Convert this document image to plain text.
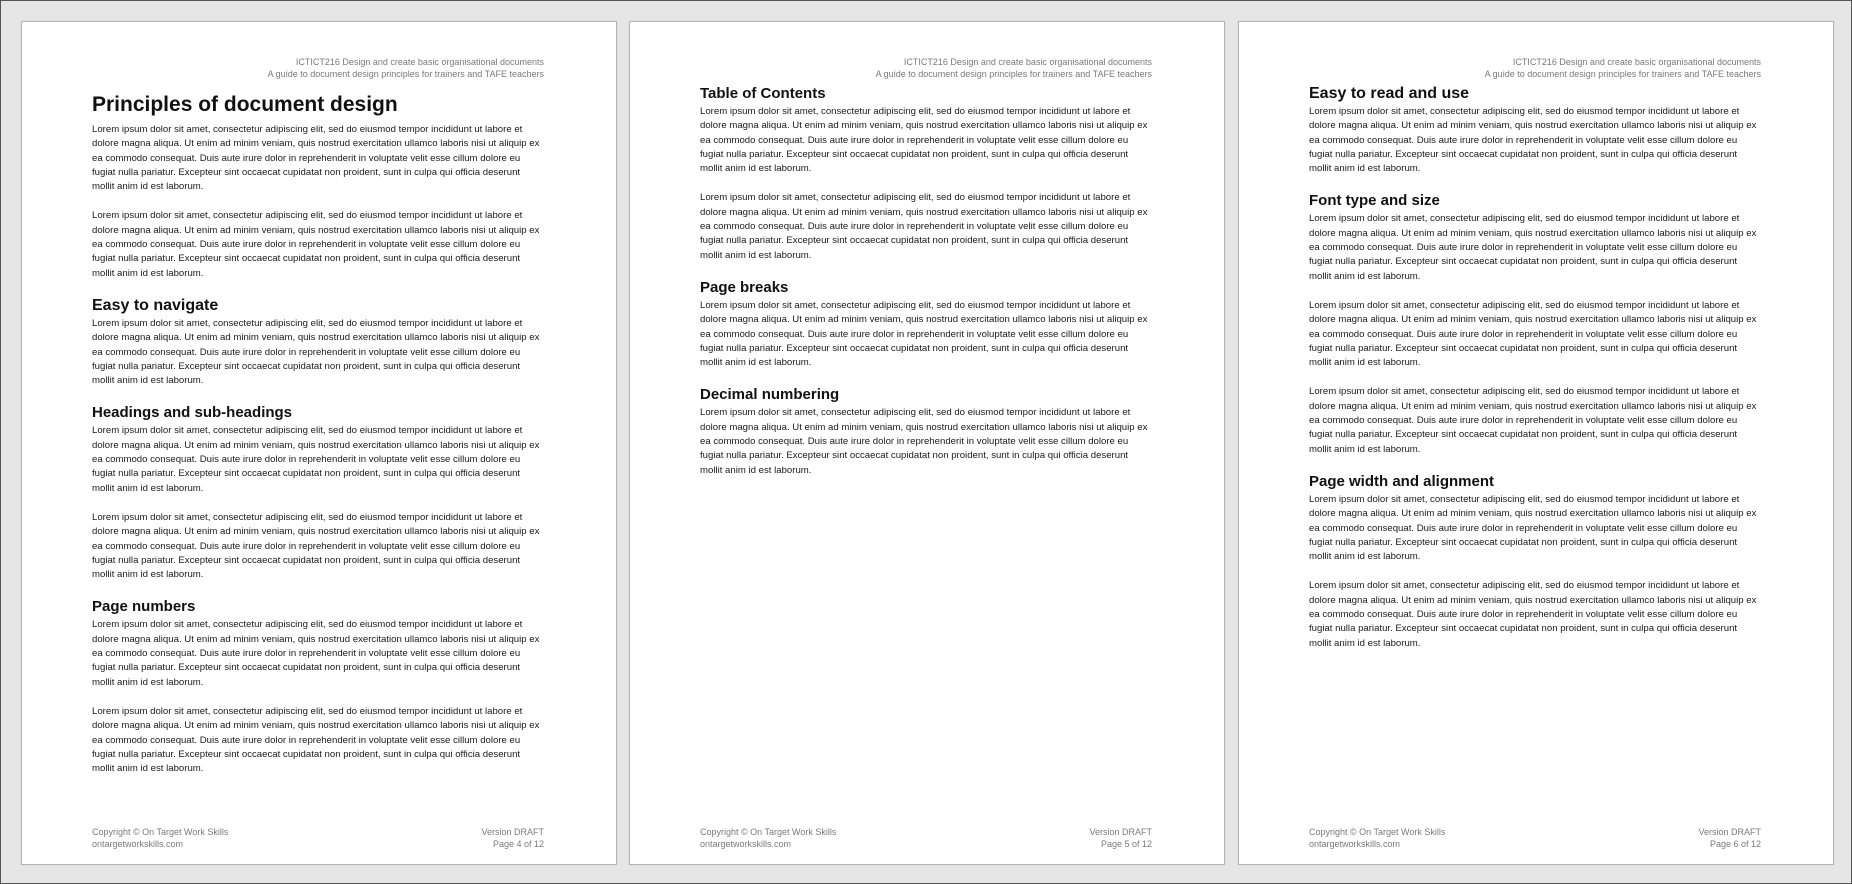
ICTICT216 Design and create basic organisational documents
A guide to document design principles for trainers and TAFE teachers
Principles of document design
Lorem ipsum dolor sit amet, consectetur adipiscing elit, sed do eiusmod tempor incididunt ut labore et dolore magna aliqua. Ut enim ad minim veniam, quis nostrud exercitation ullamco laboris nisi ut aliquip ex ea commodo consequat. Duis aute irure dolor in reprehenderit in voluptate velit esse cillum dolore eu fugiat nulla pariatur. Excepteur sint occaecat cupidatat non proident, sunt in culpa qui officia deserunt mollit anim id est laborum.
Lorem ipsum dolor sit amet, consectetur adipiscing elit, sed do eiusmod tempor incididunt ut labore et dolore magna aliqua. Ut enim ad minim veniam, quis nostrud exercitation ullamco laboris nisi ut aliquip ex ea commodo consequat. Duis aute irure dolor in reprehenderit in voluptate velit esse cillum dolore eu fugiat nulla pariatur. Excepteur sint occaecat cupidatat non proident, sunt in culpa qui officia deserunt mollit anim id est laborum.
Easy to navigate
Lorem ipsum dolor sit amet, consectetur adipiscing elit, sed do eiusmod tempor incididunt ut labore et dolore magna aliqua. Ut enim ad minim veniam, quis nostrud exercitation ullamco laboris nisi ut aliquip ex ea commodo consequat. Duis aute irure dolor in reprehenderit in voluptate velit esse cillum dolore eu fugiat nulla pariatur. Excepteur sint occaecat cupidatat non proident, sunt in culpa qui officia deserunt mollit anim id est laborum.
Headings and sub-headings
Lorem ipsum dolor sit amet, consectetur adipiscing elit, sed do eiusmod tempor incididunt ut labore et dolore magna aliqua. Ut enim ad minim veniam, quis nostrud exercitation ullamco laboris nisi ut aliquip ex ea commodo consequat. Duis aute irure dolor in reprehenderit in voluptate velit esse cillum dolore eu fugiat nulla pariatur. Excepteur sint occaecat cupidatat non proident, sunt in culpa qui officia deserunt mollit anim id est laborum.
Lorem ipsum dolor sit amet, consectetur adipiscing elit, sed do eiusmod tempor incididunt ut labore et dolore magna aliqua. Ut enim ad minim veniam, quis nostrud exercitation ullamco laboris nisi ut aliquip ex ea commodo consequat. Duis aute irure dolor in reprehenderit in voluptate velit esse cillum dolore eu fugiat nulla pariatur. Excepteur sint occaecat cupidatat non proident, sunt in culpa qui officia deserunt mollit anim id est laborum.
Page numbers
Lorem ipsum dolor sit amet, consectetur adipiscing elit, sed do eiusmod tempor incididunt ut labore et dolore magna aliqua. Ut enim ad minim veniam, quis nostrud exercitation ullamco laboris nisi ut aliquip ex ea commodo consequat. Duis aute irure dolor in reprehenderit in voluptate velit esse cillum dolore eu fugiat nulla pariatur. Excepteur sint occaecat cupidatat non proident, sunt in culpa qui officia deserunt mollit anim id est laborum.
Lorem ipsum dolor sit amet, consectetur adipiscing elit, sed do eiusmod tempor incididunt ut labore et dolore magna aliqua. Ut enim ad minim veniam, quis nostrud exercitation ullamco laboris nisi ut aliquip ex ea commodo consequat. Duis aute irure dolor in reprehenderit in voluptate velit esse cillum dolore eu fugiat nulla pariatur. Excepteur sint occaecat cupidatat non proident, sunt in culpa qui officia deserunt mollit anim id est laborum.
Copyright © On Target Work Skills
ontargetworkskills.com
Version DRAFT
Page 4 of 12
ICTICT216 Design and create basic organisational documents
A guide to document design principles for trainers and TAFE teachers
Table of Contents
Lorem ipsum dolor sit amet, consectetur adipiscing elit, sed do eiusmod tempor incididunt ut labore et dolore magna aliqua. Ut enim ad minim veniam, quis nostrud exercitation ullamco laboris nisi ut aliquip ex ea commodo consequat. Duis aute irure dolor in reprehenderit in voluptate velit esse cillum dolore eu fugiat nulla pariatur. Excepteur sint occaecat cupidatat non proident, sunt in culpa qui officia deserunt mollit anim id est laborum.
Lorem ipsum dolor sit amet, consectetur adipiscing elit, sed do eiusmod tempor incididunt ut labore et dolore magna aliqua. Ut enim ad minim veniam, quis nostrud exercitation ullamco laboris nisi ut aliquip ex ea commodo consequat. Duis aute irure dolor in reprehenderit in voluptate velit esse cillum dolore eu fugiat nulla pariatur. Excepteur sint occaecat cupidatat non proident, sunt in culpa qui officia deserunt mollit anim id est laborum.
Page breaks
Lorem ipsum dolor sit amet, consectetur adipiscing elit, sed do eiusmod tempor incididunt ut labore et dolore magna aliqua. Ut enim ad minim veniam, quis nostrud exercitation ullamco laboris nisi ut aliquip ex ea commodo consequat. Duis aute irure dolor in reprehenderit in voluptate velit esse cillum dolore eu fugiat nulla pariatur. Excepteur sint occaecat cupidatat non proident, sunt in culpa qui officia deserunt mollit anim id est laborum.
Decimal numbering
Lorem ipsum dolor sit amet, consectetur adipiscing elit, sed do eiusmod tempor incididunt ut labore et dolore magna aliqua. Ut enim ad minim veniam, quis nostrud exercitation ullamco laboris nisi ut aliquip ex ea commodo consequat. Duis aute irure dolor in reprehenderit in voluptate velit esse cillum dolore eu fugiat nulla pariatur. Excepteur sint occaecat cupidatat non proident, sunt in culpa qui officia deserunt mollit anim id est laborum.
Copyright © On Target Work Skills
ontargetworkskills.com
Version DRAFT
Page 5 of 12
ICTICT216 Design and create basic organisational documents
A guide to document design principles for trainers and TAFE teachers
Easy to read and use
Lorem ipsum dolor sit amet, consectetur adipiscing elit, sed do eiusmod tempor incididunt ut labore et dolore magna aliqua. Ut enim ad minim veniam, quis nostrud exercitation ullamco laboris nisi ut aliquip ex ea commodo consequat. Duis aute irure dolor in reprehenderit in voluptate velit esse cillum dolore eu fugiat nulla pariatur. Excepteur sint occaecat cupidatat non proident, sunt in culpa qui officia deserunt mollit anim id est laborum.
Font type and size
Lorem ipsum dolor sit amet, consectetur adipiscing elit, sed do eiusmod tempor incididunt ut labore et dolore magna aliqua. Ut enim ad minim veniam, quis nostrud exercitation ullamco laboris nisi ut aliquip ex ea commodo consequat. Duis aute irure dolor in reprehenderit in voluptate velit esse cillum dolore eu fugiat nulla pariatur. Excepteur sint occaecat cupidatat non proident, sunt in culpa qui officia deserunt mollit anim id est laborum.
Lorem ipsum dolor sit amet, consectetur adipiscing elit, sed do eiusmod tempor incididunt ut labore et dolore magna aliqua. Ut enim ad minim veniam, quis nostrud exercitation ullamco laboris nisi ut aliquip ex ea commodo consequat. Duis aute irure dolor in reprehenderit in voluptate velit esse cillum dolore eu fugiat nulla pariatur. Excepteur sint occaecat cupidatat non proident, sunt in culpa qui officia deserunt mollit anim id est laborum.
Lorem ipsum dolor sit amet, consectetur adipiscing elit, sed do eiusmod tempor incididunt ut labore et dolore magna aliqua. Ut enim ad minim veniam, quis nostrud exercitation ullamco laboris nisi ut aliquip ex ea commodo consequat. Duis aute irure dolor in reprehenderit in voluptate velit esse cillum dolore eu fugiat nulla pariatur. Excepteur sint occaecat cupidatat non proident, sunt in culpa qui officia deserunt mollit anim id est laborum.
Page width and alignment
Lorem ipsum dolor sit amet, consectetur adipiscing elit, sed do eiusmod tempor incididunt ut labore et dolore magna aliqua. Ut enim ad minim veniam, quis nostrud exercitation ullamco laboris nisi ut aliquip ex ea commodo consequat. Duis aute irure dolor in reprehenderit in voluptate velit esse cillum dolore eu fugiat nulla pariatur. Excepteur sint occaecat cupidatat non proident, sunt in culpa qui officia deserunt mollit anim id est laborum.
Lorem ipsum dolor sit amet, consectetur adipiscing elit, sed do eiusmod tempor incididunt ut labore et dolore magna aliqua. Ut enim ad minim veniam, quis nostrud exercitation ullamco laboris nisi ut aliquip ex ea commodo consequat. Duis aute irure dolor in reprehenderit in voluptate velit esse cillum dolore eu fugiat nulla pariatur. Excepteur sint occaecat cupidatat non proident, sunt in culpa qui officia deserunt mollit anim id est laborum.
Copyright © On Target Work Skills
ontargetworkskills.com
Version DRAFT
Page 6 of 12
